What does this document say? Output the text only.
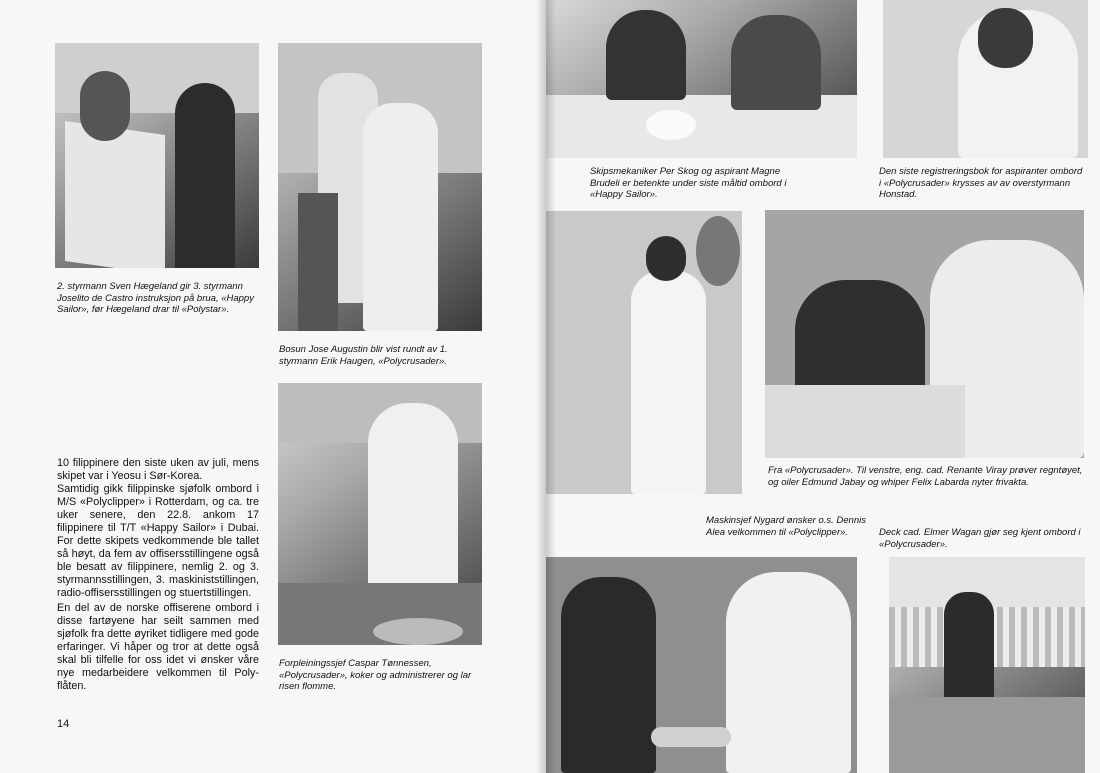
2. styrmann Sven Hægeland gir 3. styrmann Joselito de Castro instruksjon på brua, «Happy Sailor», før Hægeland drar til «Polystar».

Bosun Jose Augustin blir vist rundt av 1. styrmann Erik Haugen, «Polycrusader».

Forpleiningssjef Caspar Tønnessen, «Polycrusader», koker og administrerer og lar risen flomme.

10 filippinere den siste uken av juli, mens skipet var i Yeosu i Sør-Korea.

Samtidig gikk filippinske sjøfolk ombord i M/S «Polyclipper» i Rotterdam, og ca. tre uker senere, den 22.8. ankom 17 filippinere til T/T «Happy Sailor» i Dubai. For dette skipets vedkommende ble tallet så høyt, da fem av offisersstillingene også ble besatt av filippinere, nemlig 2. og 3. styrmannsstillingen, 3. maskiniststillingen, radio-offisersstillingen og stuertstillingen.

En del av de norske offiserene ombord i disse fartøyene har seilt sammen med sjøfolk fra dette øyriket tidligere med gode erfaringer. Vi håper og tror at dette også skal bli tilfelle for oss idet vi ønsker våre nye medarbeidere velkommen til Poly-flåten.

14

Skipsmekaniker Per Skog og aspirant Magne Brudeli er betenkte under siste måltid ombord i «Happy Sailor».

Den siste registreringsbok for aspiranter ombord i «Polycrusader» krysses av av overstyrmann Honstad.

Fra «Polycrusader». Til venstre, eng. cad. Renante Viray prøver regntøyet, og oiler Edmund Jabay og whiper Felix Labarda nyter frivakta.

Maskinsjef Nygard ønsker o.s. Dennis Alea velkommen til «Polyclipper».	Deck cad. Elmer Wagan gjør seg kjent ombord i «Polycrusader».
